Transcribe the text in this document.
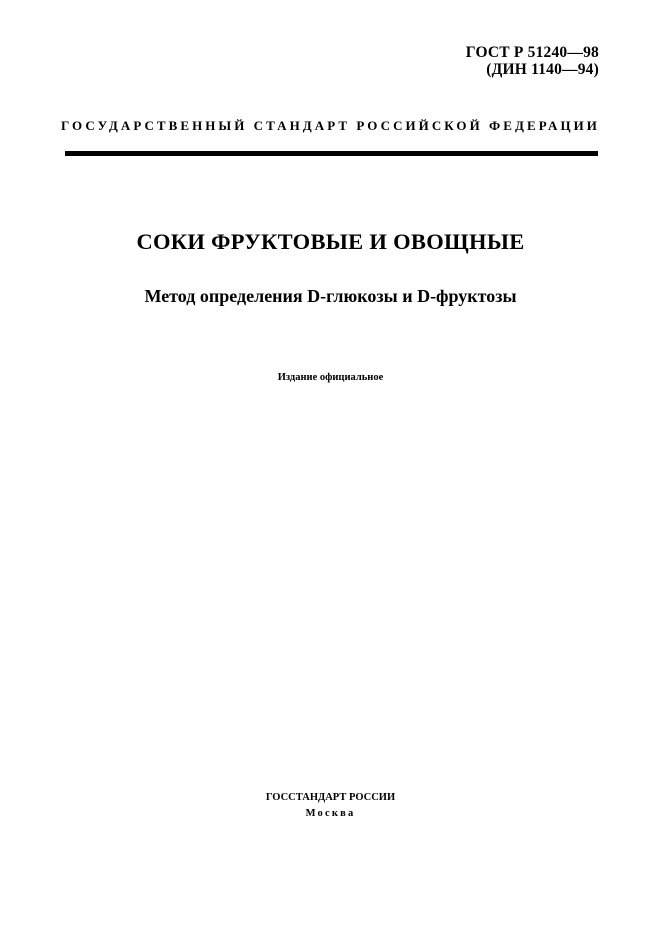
ГОСТ Р 51240—98
(ДИН 1140—94)
ГОСУДАРСТВЕННЫЙ СТАНДАРТ РОССИЙСКОЙ ФЕДЕРАЦИИ
СОКИ ФРУКТОВЫЕ И ОВОЩНЫЕ
Метод определения D-глюкозы и D-фруктозы
Издание официальное
ГОССТАНДАРТ РОССИИ
Москва
